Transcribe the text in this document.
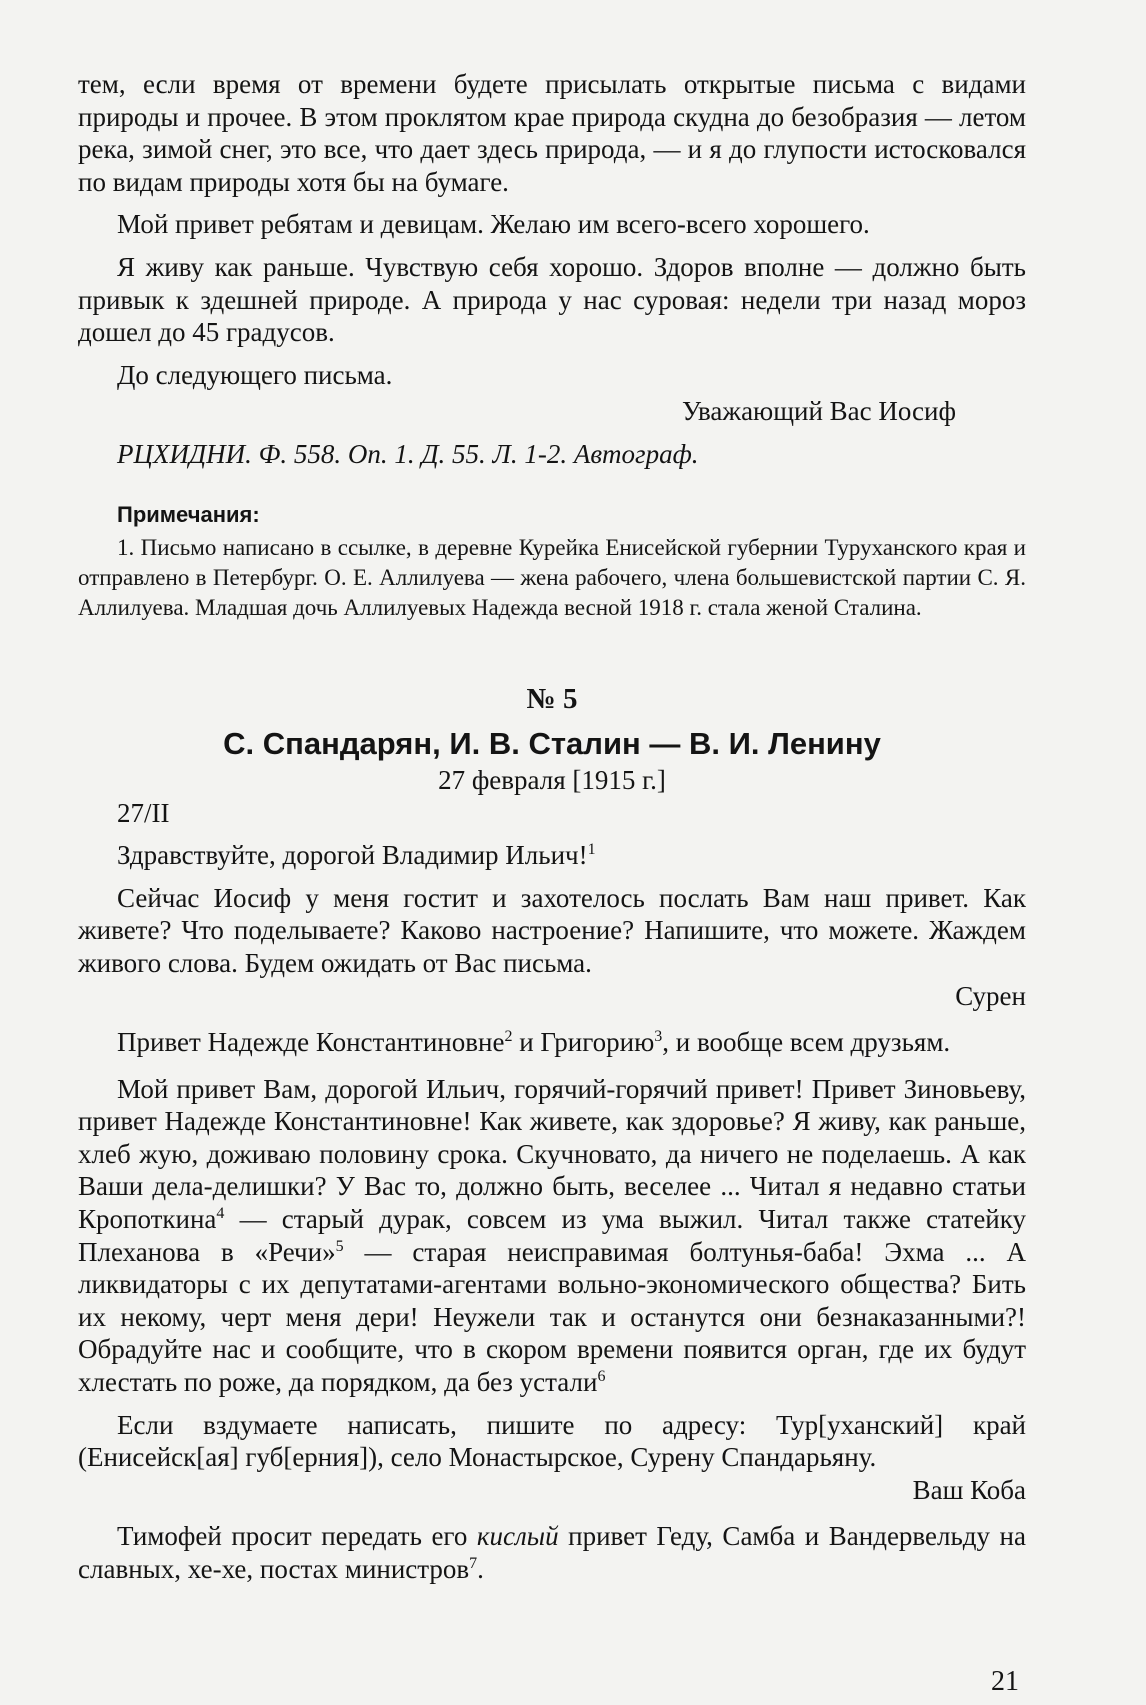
тем, если время от времени будете присылать открытые письма с видами природы и прочее. В этом проклятом крае природа скудна до безобразия — летом река, зимой снег, это все, что дает здесь природа, — и я до глупости истосковался по видам природы хотя бы на бумаге.

Мой привет ребятам и девицам. Желаю им всего-всего хорошего.

Я живу как раньше. Чувствую себя хорошо. Здоров вполне — должно быть привык к здешней природе. А природа у нас суровая: недели три назад мороз дошел до 45 градусов.

До следующего письма.

Уважающий Вас Иосиф

РЦХИДНИ. Ф. 558. Оп. 1. Д. 55. Л. 1-2. Автограф.

Примечания:

1. Письмо написано в ссылке, в деревне Курейка Енисейской губернии Туруханского края и отправлено в Петербург. О. Е. Аллилуева — жена рабочего, члена большевистской партии С. Я. Аллилуева. Младшая дочь Аллилуевых Надежда весной 1918 г. стала женой Сталина.

№ 5
С. Спандарян, И. В. Сталин — В. И. Ленину
27 февраля [1915 г.]

27/II

Здравствуйте, дорогой Владимир Ильич!$^1$

Сейчас Иосиф у меня гостит и захотелось послать Вам наш привет. Как живете? Что поделываете? Каково настроение? Напишите, что можете. Жаждем живого слова. Будем ожидать от Вас письма.

Сурен

Привет Надежде Константиновне$^2$ и Григорию$^3$, и вообще всем друзьям.

Мой привет Вам, дорогой Ильич, горячий-горячий привет! Привет Зиновьеву, привет Надежде Константиновне! Как живете, как здоровье? Я живу, как раньше, хлеб жую, доживаю половину срока. Скучновато, да ничего не поделаешь. А как Ваши дела-делишки? У Вас то, должно быть, веселее ... Читал я недавно статьи Кропоткина$^4$ — старый дурак, совсем из ума выжил. Читал также статейку Плеханова в «Речи»$^5$ — старая неисправимая болтунья-баба! Эхма ... А ликвидаторы с их депутатами-агентами вольно-экономического общества? Бить их некому, черт меня дери! Неужели так и останутся они безнаказанными?! Обрадуйте нас и сообщите, что в скором времени появится орган, где их будут хлестать по роже, да порядком, да без устали$^6$

Если вздумаете написать, пишите по адресу: Тур[уханский] край (Енисейск[ая] губ[ерния]), село Монастырское, Сурену Спандарьяну.

Ваш Коба

Тимофей просит передать его кислый привет Геду, Самба и Вандервельду на славных, хе-хе, постах министров$^7$.

21
